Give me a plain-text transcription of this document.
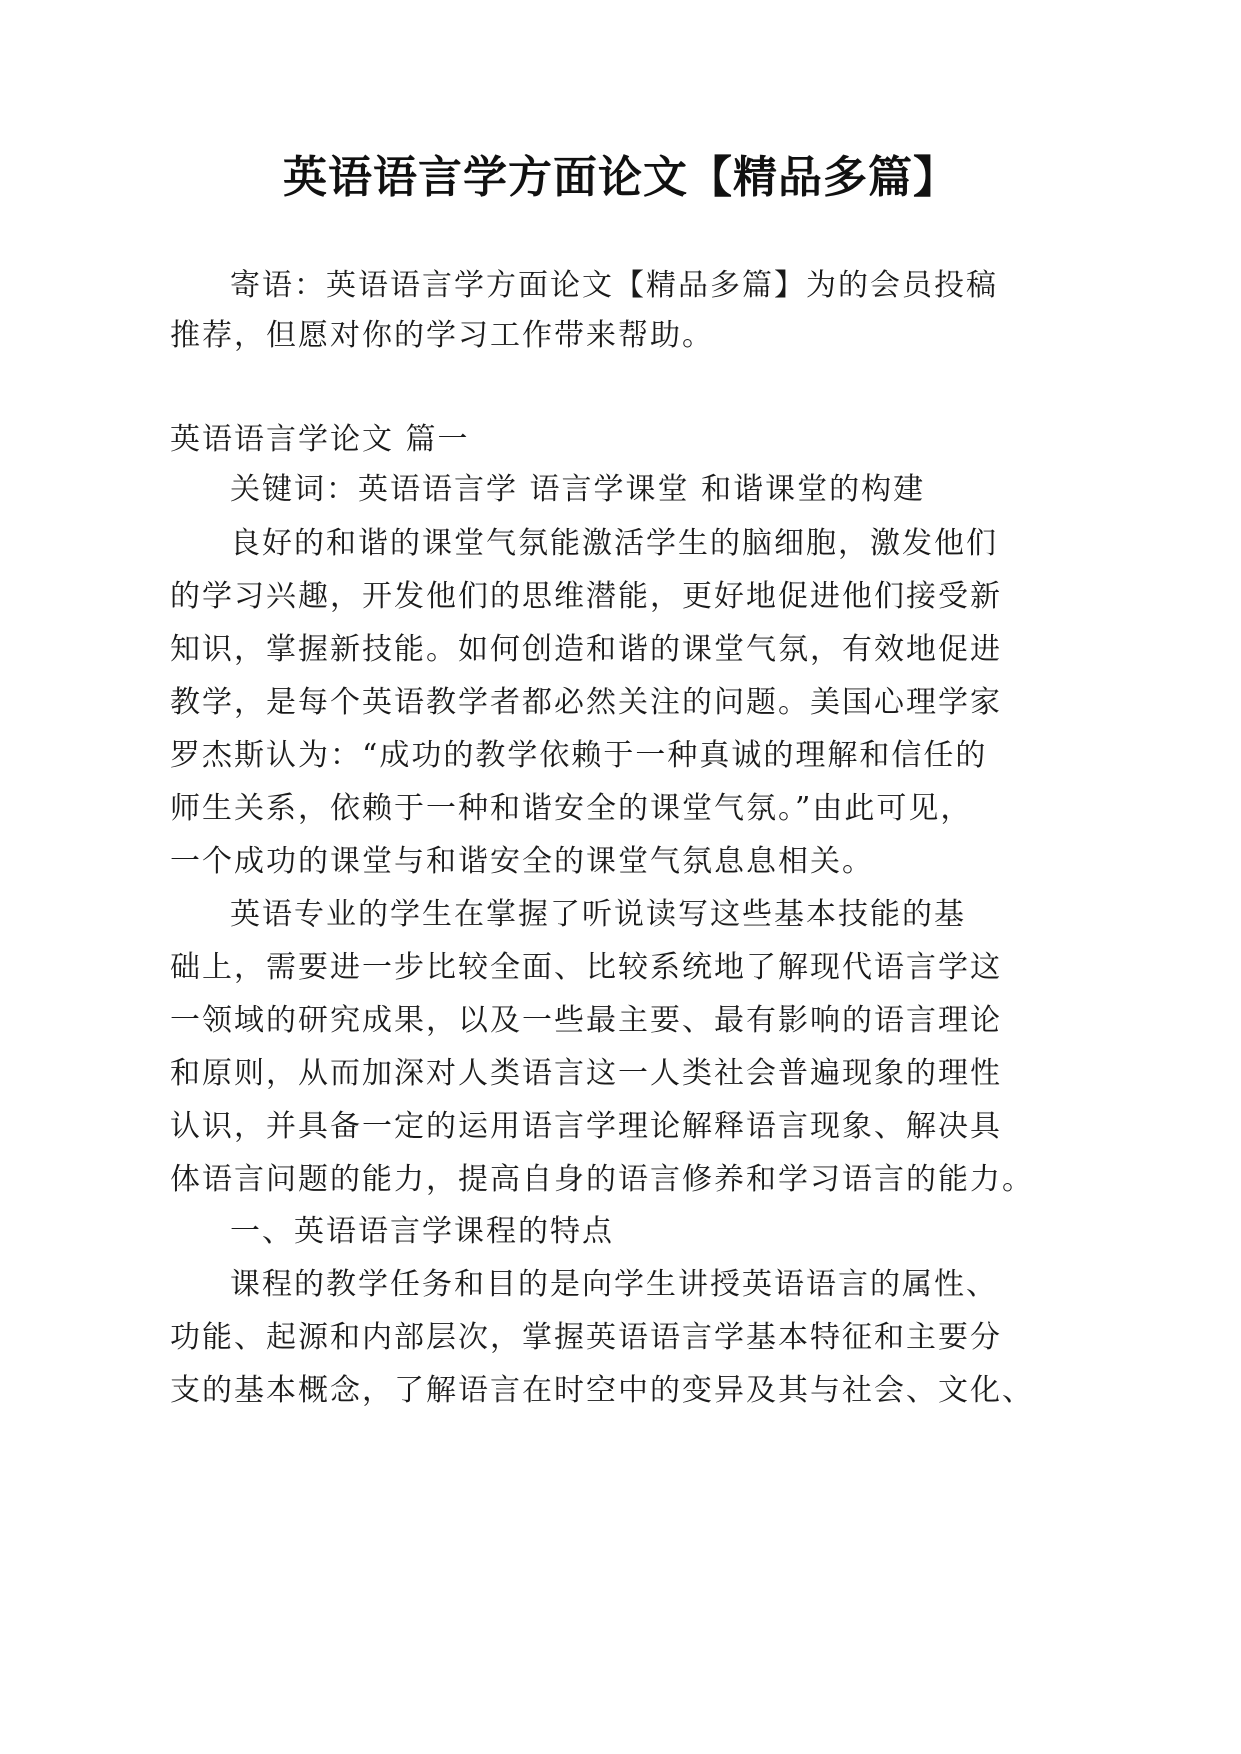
英语语言学方面论文【精品多篇】
寄语：英语语言学方面论文【精品多篇】为的会员投稿
推荐，但愿对你的学习工作带来帮助。
英语语言学论文 篇一
关键词：英语语言学 语言学课堂 和谐课堂的构建
良好的和谐的课堂气氛能激活学生的脑细胞，激发他们
的学习兴趣，开发他们的思维潜能，更好地促进他们接受新
知识，掌握新技能。如何创造和谐的课堂气氛，有效地促进
教学，是每个英语教学者都必然关注的问题。美国心理学家
罗杰斯认为：“成功的教学依赖于一种真诚的理解和信任的
师生关系，依赖于一种和谐安全的课堂气氛。”由此可见，
一个成功的课堂与和谐安全的课堂气氛息息相关。
英语专业的学生在掌握了听说读写这些基本技能的基
础上，需要进一步比较全面、比较系统地了解现代语言学这
一领域的研究成果，以及一些最主要、最有影响的语言理论
和原则，从而加深对人类语言这一人类社会普遍现象的理性
认识，并具备一定的运用语言学理论解释语言现象、解决具
体语言问题的能力，提高自身的语言修养和学习语言的能力。
一、英语语言学课程的特点
课程的教学任务和目的是向学生讲授英语语言的属性、
功能、起源和内部层次，掌握英语语言学基本特征和主要分
支的基本概念，了解语言在时空中的变异及其与社会、文化、
